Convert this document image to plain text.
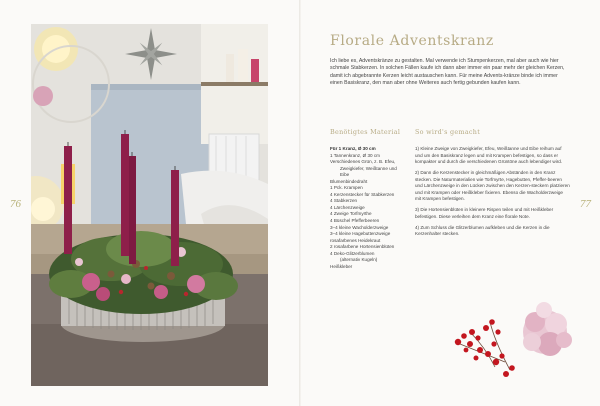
76	77
Florale Adventskranz
Ich liebe es, Adventskränze zu gestalten. Mal verwende ich Stumpenkerzen, mal aber auch wie hier schmale Stabkerzen. In solchen Fällen kaufe ich dann aber immer ein paar mehr der gleichen Kerzen, damit ich abgebrannte Kerzen leicht austauschen kann. Für meine Advents-kränze binde ich immer einen Basiskranz, den man aber ohne Weiteres auch fertig gebunden kaufen kann.
Benötigtes Material So wird's gemacht
Für 1 Kranz, Ø 30 cm
1 Tannenkranz, Ø 30 cm
Verschiedenes Grün, z. B. Efeu,
Zweigkiefer, Weißtanne und
Eibe
Blumenbindedraht
1 Pck. Krampen
4 Kerzenstecker für Stabkerzen
4 Stabkerzen
4 Lärchenzweige
4 Zweige Torfmyrthe
4 Büschel Pfefferbeeren
3–4 kleine Wacholderzweige
3–4 kleine Hagebuttenzweige
rosafarbenes Heidekraut
2 rosafarbene Hortensienblüten
4 Deko-Glitzerblumen
(alternativ Kugeln)
Heißkleber

1) Kleine Zweige von Zweigkiefer, Efeu, Weißtanne und Eibe reihum auf und um den Basiskranz legen und mit Krampen befestigen, so dass er kompakter und durch die verschiedenen Grüntöne auch lebendiger wird.

2) Dann die Kerzenstecker in gleichmäßigen Abständen in den Kranz stecken. Die Naturmaterialien wie Torfmyrte, Hagebutten, Pfeffer-beeren und Lärchenzweige in den Lücken zwischen den Kerzen-steckern platzieren und mit Krampen oder Heißkleber fixieren. Ebenso die Wacholderzweige mit Krampen befestigen.

3) Die Hortensienblüten in kleinere Rispen teilen und mit Heißkleber befestigen. Diese verleihen dem Kranz eine florale Note.

4) Zum Schluss die Glitzerblumen aufkleben und die Kerzen in die Kerzenhalter stecken.
